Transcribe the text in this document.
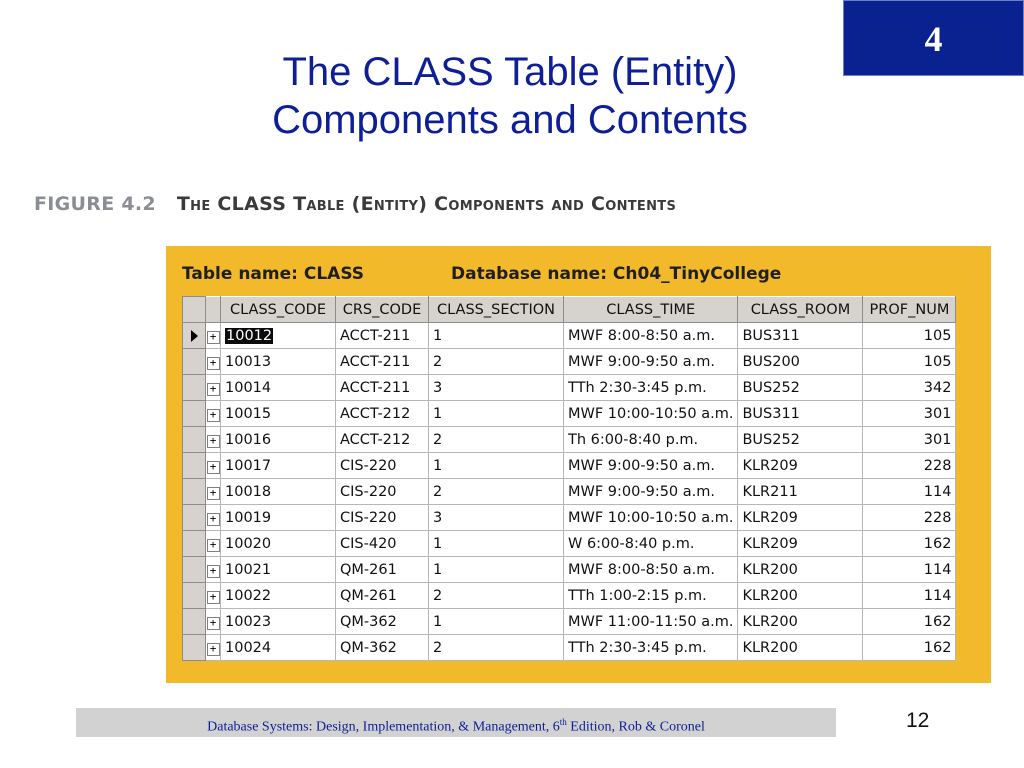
4
The CLASS Table (Entity)
Components and Contents
FIGURE 4.2 The CLASS Table (Entity) Components and Contents
Table name: CLASS	Database name: Ch04_TinyCollege
		CLASS_CODE	CRS_CODE	CLASS_SECTION	CLASS_TIME	CLASS_ROOM	PROF_NUM
	+	10012	ACCT-211	1	MWF 8:00-8:50 a.m.	BUS311	105
	+	10013	ACCT-211	2	MWF 9:00-9:50 a.m.	BUS200	105
	+	10014	ACCT-211	3	TTh 2:30-3:45 p.m.	BUS252	342
	+	10015	ACCT-212	1	MWF 10:00-10:50 a.m.	BUS311	301
	+	10016	ACCT-212	2	Th 6:00-8:40 p.m.	BUS252	301
	+	10017	CIS-220	1	MWF 9:00-9:50 a.m.	KLR209	228
	+	10018	CIS-220	2	MWF 9:00-9:50 a.m.	KLR211	114
	+	10019	CIS-220	3	MWF 10:00-10:50 a.m.	KLR209	228
	+	10020	CIS-420	1	W 6:00-8:40 p.m.	KLR209	162
	+	10021	QM-261	1	MWF 8:00-8:50 a.m.	KLR200	114
	+	10022	QM-261	2	TTh 1:00-2:15 p.m.	KLR200	114
	+	10023	QM-362	1	MWF 11:00-11:50 a.m.	KLR200	162
	+	10024	QM-362	2	TTh 2:30-3:45 p.m.	KLR200	162
Database Systems: Design, Implementation, & Management, 6th Edition, Rob & Coronel	12
